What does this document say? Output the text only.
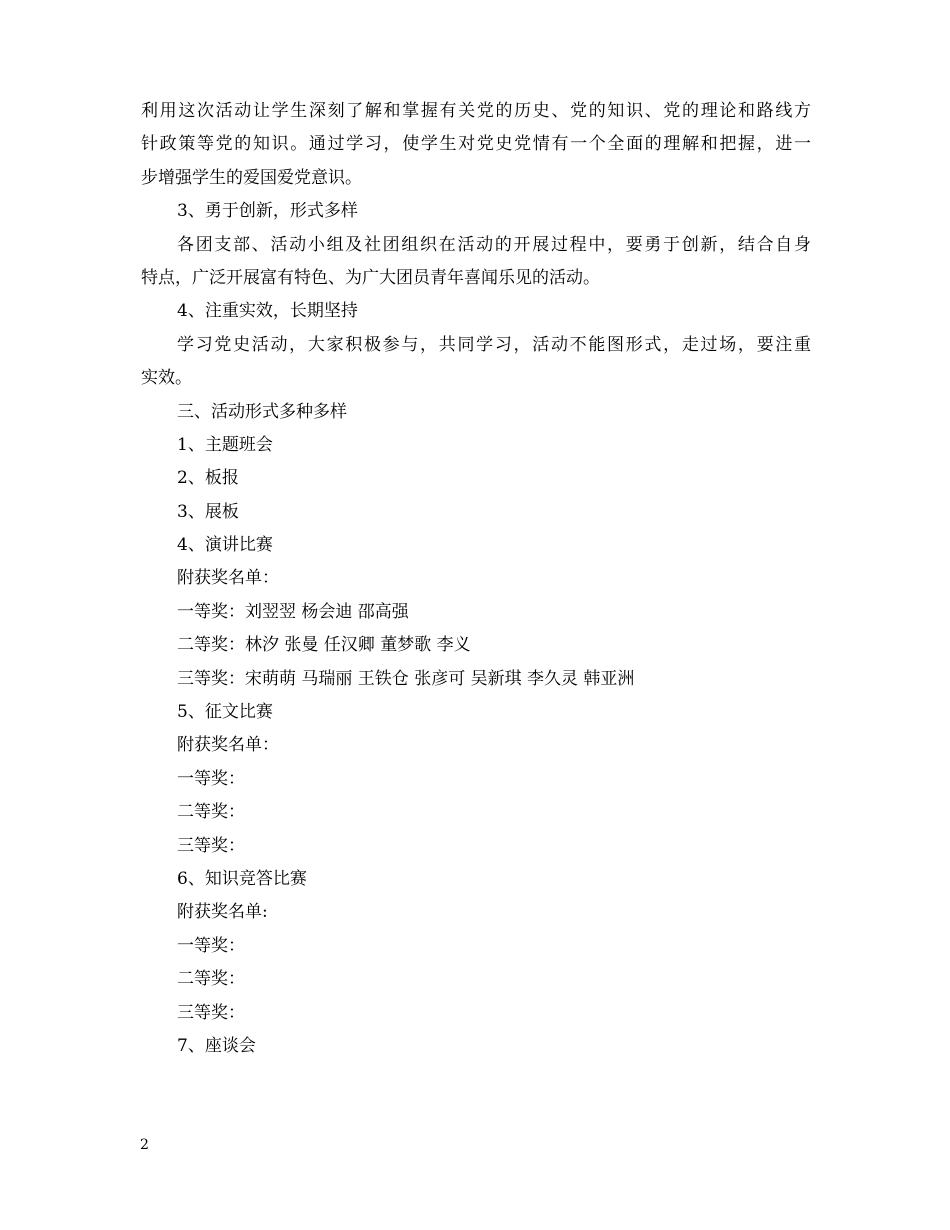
利用这次活动让学生深刻了解和掌握有关党的历史、党的知识、党的理论和路线方
针政策等党的知识。通过学习，使学生对党史党情有一个全面的理解和把握，进一
步增强学生的爱国爱党意识。
3、勇于创新，形式多样
各团支部、活动小组及社团组织在活动的开展过程中，要勇于创新，结合自身
特点，广泛开展富有特色、为广大团员青年喜闻乐见的活动。
4、注重实效，长期坚持
学习党史活动，大家积极参与，共同学习，活动不能图形式，走过场，要注重
实效。
三、活动形式多种多样
1、主题班会
2、板报
3、展板
4、演讲比赛
附获奖名单：
一等奖：刘翌翌 杨会迪 邵高强
二等奖：林汐 张曼 任汉卿 董梦歌 李义
三等奖：宋萌萌 马瑞丽 王铁仓 张彦可 吴新琪 李久灵 韩亚洲
5、征文比赛
附获奖名单：
一等奖：
二等奖：
三等奖：
6、知识竞答比赛
附获奖名单:
一等奖：
二等奖：
三等奖：
7、座谈会
2
